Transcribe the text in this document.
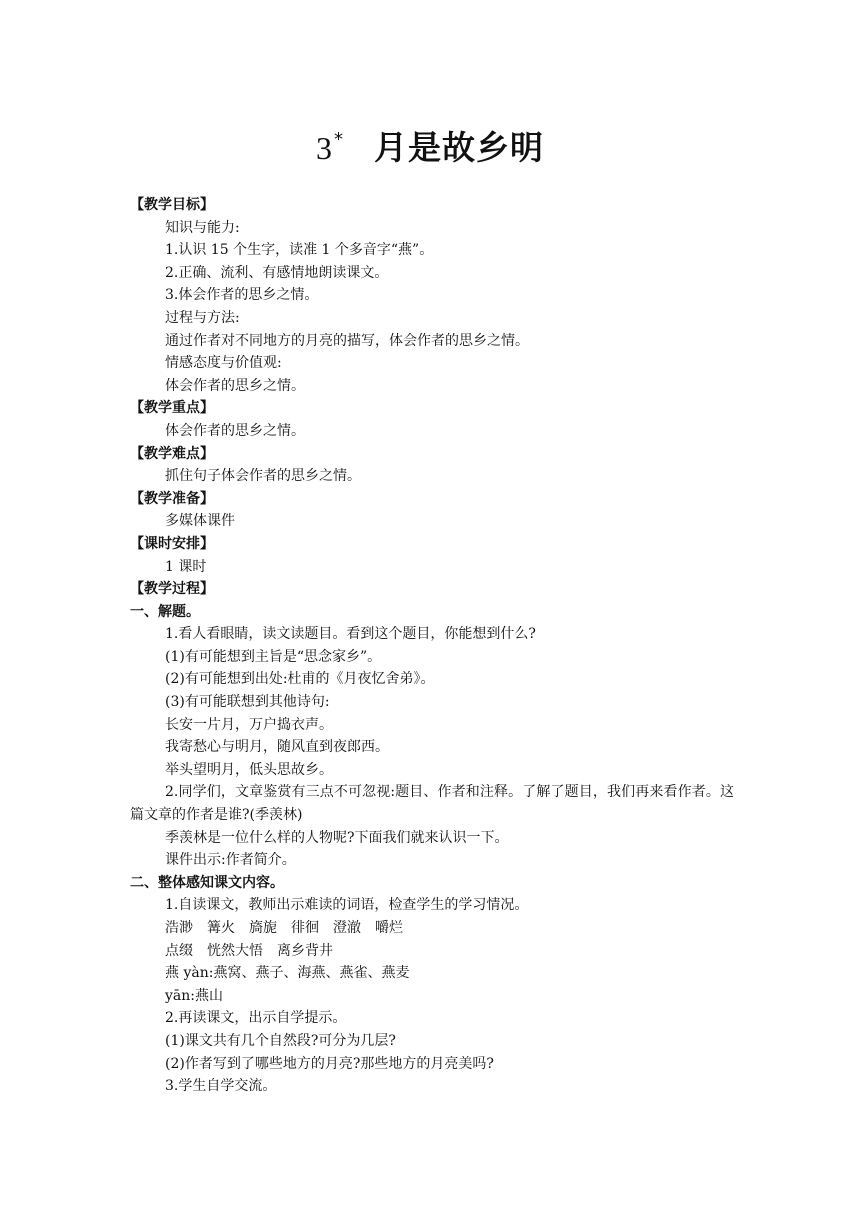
3* 月是故乡明
【教学目标】
知识与能力:
1.认识 15 个生字，读准 1 个多音字“燕”。
2.正确、流利、有感情地朗读课文。
3.体会作者的思乡之情。
过程与方法:
通过作者对不同地方的月亮的描写，体会作者的思乡之情。
情感态度与价值观:
体会作者的思乡之情。
【教学重点】
体会作者的思乡之情。
【教学难点】
抓住句子体会作者的思乡之情。
【教学准备】
多媒体课件
【课时安排】
1 课时
【教学过程】
一、解题。
1.看人看眼睛，读文读题目。看到这个题目，你能想到什么?
(1)有可能想到主旨是“思念家乡”。
(2)有可能想到出处:杜甫的《月夜忆舍弟》。
(3)有可能联想到其他诗句:
长安一片月，万户捣衣声。
我寄愁心与明月，随风直到夜郎西。
举头望明月，低头思故乡。
2.同学们，文章鉴赏有三点不可忽视:题目、作者和注释。了解了题目，我们再来看作者。这篇文章的作者是谁?(季羡林)
季羡林是一位什么样的人物呢?下面我们就来认识一下。
课件出示:作者简介。
二、整体感知课文内容。
1.自读课文，教师出示难读的词语，检查学生的学习情况。
浩渺　篝火　旖旎　徘徊　澄澈　嚼烂
点缀　恍然大悟　离乡背井
燕 yàn:燕窝、燕子、海燕、燕雀、燕麦
yān:燕山
2.再读课文，出示自学提示。
(1)课文共有几个自然段?可分为几层?
(2)作者写到了哪些地方的月亮?那些地方的月亮美吗?
3.学生自学交流。
